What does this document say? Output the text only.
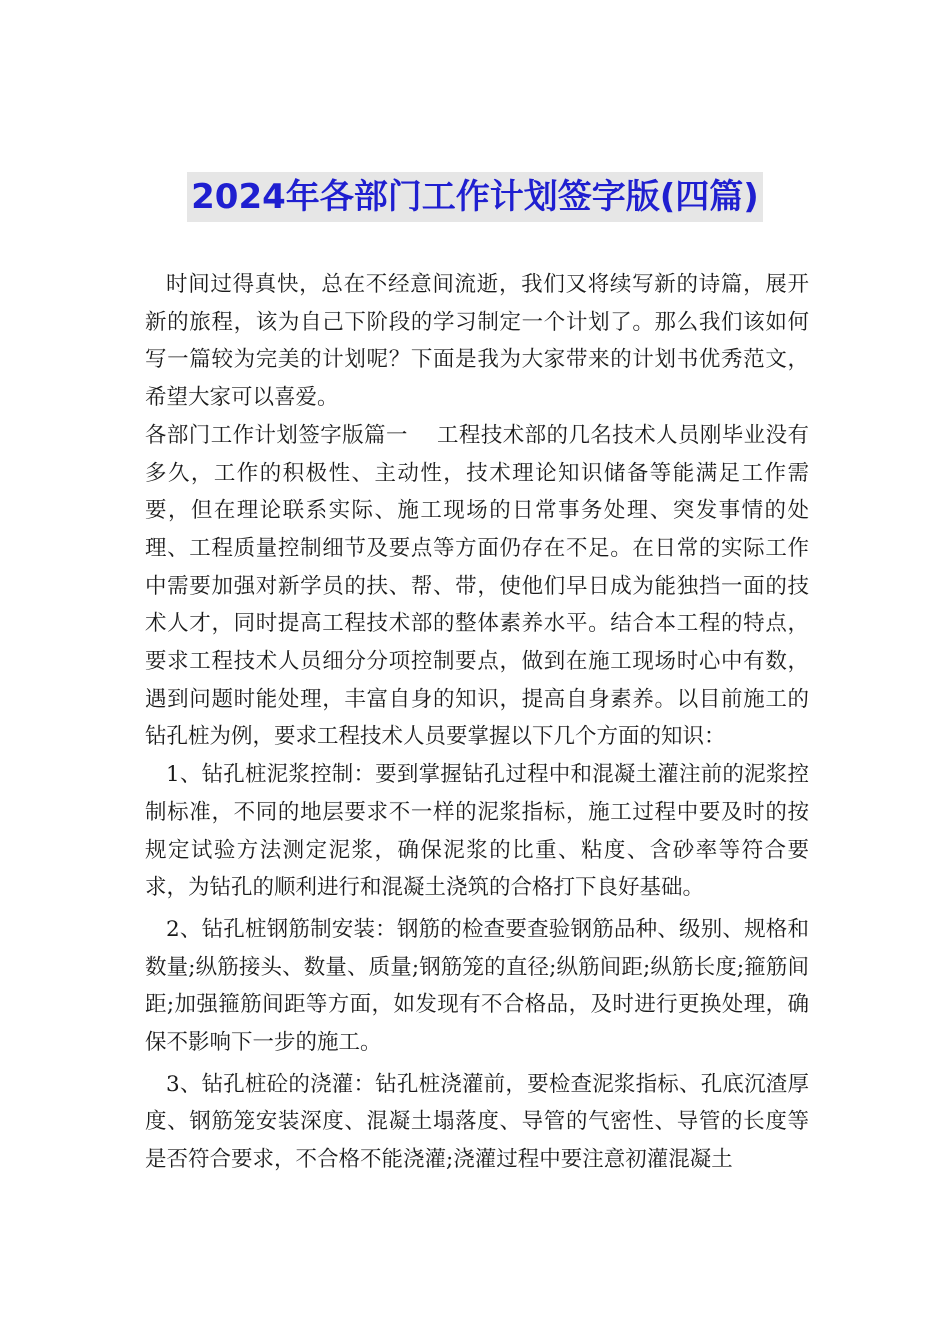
2024年各部门工作计划签字版(四篇)

时间过得真快，总在不经意间流逝，我们又将续写新的诗篇，展开新的旅程，该为自己下阶段的学习制定一个计划了。那么我们该如何写一篇较为完美的计划呢？下面是我为大家带来的计划书优秀范文，希望大家可以喜爱。

各部门工作计划签字版篇一　 工程技术部的几名技术人员刚毕业没有多久，工作的积极性、主动性，技术理论知识储备等能满足工作需要，但在理论联系实际、施工现场的日常事务处理、突发事情的处理、工程质量控制细节及要点等方面仍存在不足。在日常的实际工作中需要加强对新学员的扶、帮、带，使他们早日成为能独挡一面的技术人才，同时提高工程技术部的整体素养水平。结合本工程的特点，要求工程技术人员细分分项控制要点，做到在施工现场时心中有数，遇到问题时能处理，丰富自身的知识，提高自身素养。以目前施工的钻孔桩为例，要求工程技术人员要掌握以下几个方面的知识：

1、钻孔桩泥浆控制：要到掌握钻孔过程中和混凝土灌注前的泥浆控制标准，不同的地层要求不一样的泥浆指标，施工过程中要及时的按规定试验方法测定泥浆，确保泥浆的比重、粘度、含砂率等符合要求，为钻孔的顺利进行和混凝土浇筑的合格打下良好基础。

2、钻孔桩钢筋制安装：钢筋的检查要查验钢筋品种、级别、规格和数量;纵筋接头、数量、质量;钢筋笼的直径;纵筋间距;纵筋长度;箍筋间距;加强箍筋间距等方面，如发现有不合格品，及时进行更换处理，确保不影响下一步的施工。

3、钻孔桩砼的浇灌：钻孔桩浇灌前，要检查泥浆指标、孔底沉渣厚度、钢筋笼安装深度、混凝土塌落度、导管的气密性、导管的长度等是否符合要求，不合格不能浇灌;浇灌过程中要注意初灌混凝土
